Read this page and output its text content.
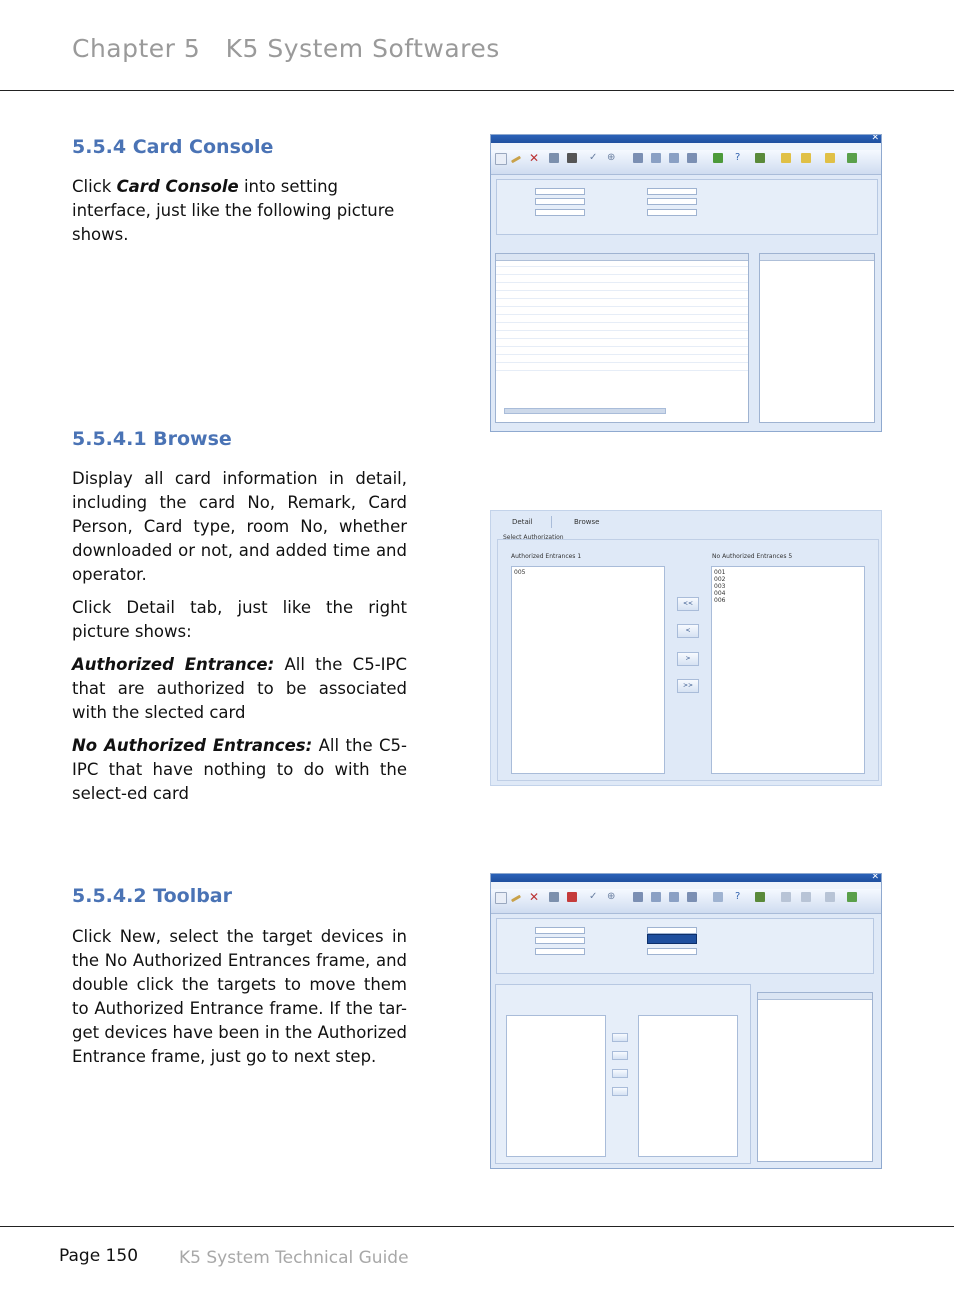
Chapter 5 K5 System Softwares
5.5.4 Card Console
Click Card Console into setting interface, just like the following picture shows.
5.5.4.1 Browse

Display all card information in detail, including the card No, Remark, Card Person, Card type, room No, whether downloaded or not, and added time and operator.

Click Detail tab, just like the right picture shows:

Authorized Entrance: All the C5-IPC that are authorized to be associated with the slected card

No Authorized Entrances: All the C5-IPC that have nothing to do with the select-ed card

5.5.4.2 Toolbar

Click New, select the target devices in the No Authorized Entrances frame, and double click the targets to move them to Authorized Entrance frame. If the tar-get devices have been in the Authorized Entrance frame, just go to next step.

✕
✕	✓ ⊕	?
Detail	Browse
Select Authorization
Authorized Entrances 1	No Authorized Entrances 5
005	001
002
003
004
006
<<
<
>
>>
✕
✕	✓ ⊕	?
Page 150 K5 System Technical Guide
